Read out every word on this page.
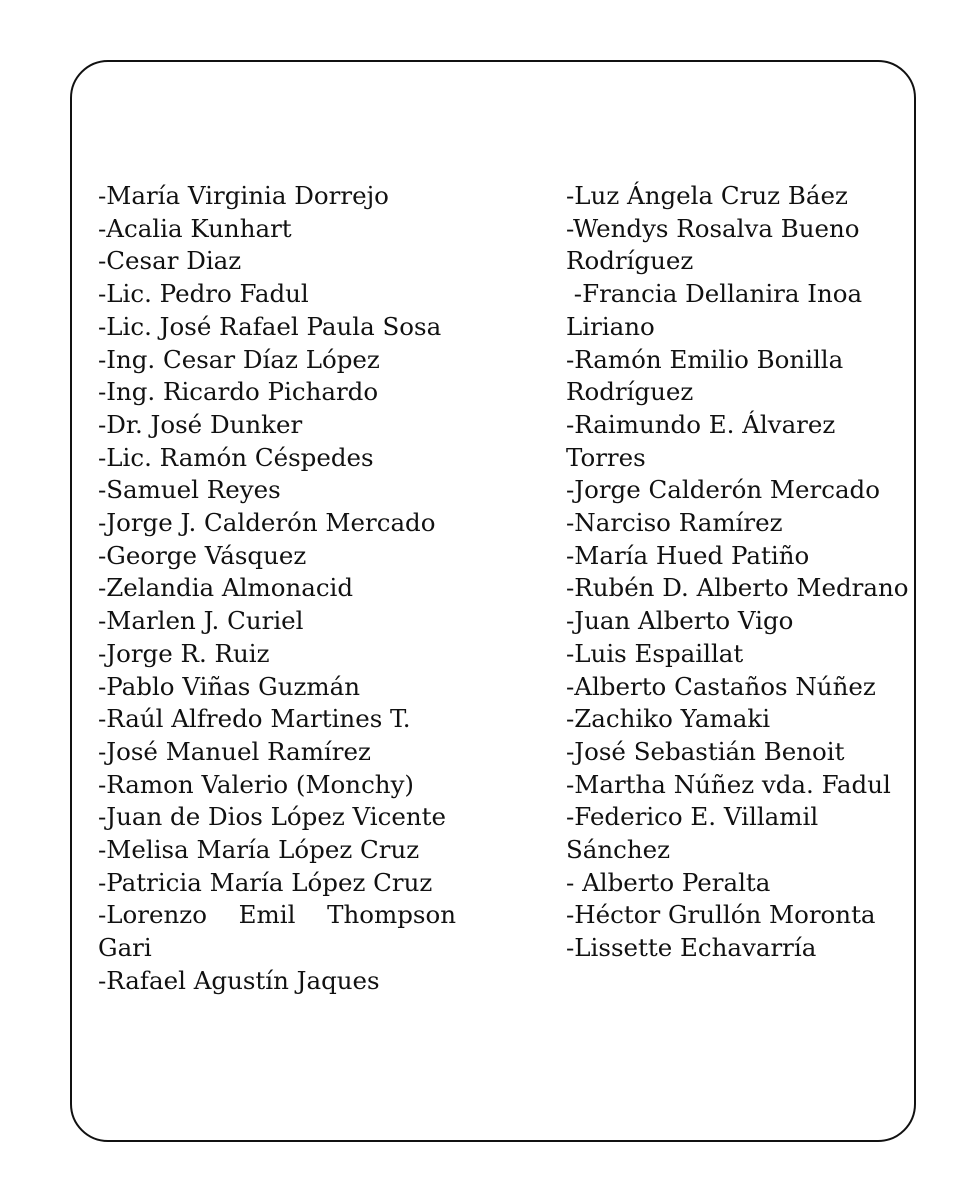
-María Virginia Dorrejo
-Acalia Kunhart
-Cesar Diaz
-Lic. Pedro Fadul
-Lic. José Rafael Paula Sosa
-Ing. Cesar Díaz López
-Ing. Ricardo Pichardo
-Dr. José Dunker
-Lic. Ramón Céspedes
-Samuel Reyes
-Jorge J. Calderón Mercado
-George Vásquez
-Zelandia Almonacid
-Marlen J. Curiel
-Jorge R. Ruiz
-Pablo Viñas Guzmán
-Raúl Alfredo Martines T.
-José Manuel Ramírez
-Ramon Valerio (Monchy)
-Juan de Dios López Vicente
-Melisa María López Cruz
-Patricia María López Cruz
-Lorenzo Emil Thompson Gari
-Rafael Agustín Jaques
-Luz Ángela Cruz Báez
-Wendys Rosalva Bueno Rodríguez
-Francia Dellanira Inoa Liriano
-Ramón Emilio Bonilla Rodríguez
-Raimundo E. Álvarez Torres
-Jorge Calderón Mercado
-Narciso Ramírez
-María Hued Patiño
-Rubén D. Alberto Medrano
-Juan Alberto Vigo
-Luis Espaillat
-Alberto Castaños Núñez
-Zachiko Yamaki
-José Sebastián Benoit
-Martha Núñez vda. Fadul
-Federico E. Villamil Sánchez
- Alberto Peralta
-Héctor Grullón Moronta
-Lissette Echavarría
